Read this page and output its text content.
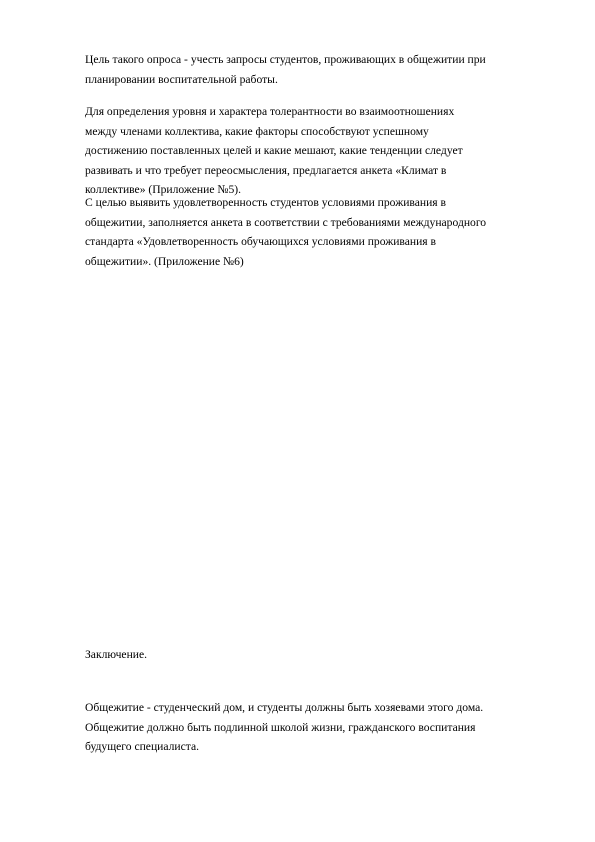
Цель такого опроса - учесть запросы студентов, проживающих в общежитии при
планировании воспитательной работы.

Для определения уровня и характера толерантности во взаимоотношениях
между членами коллектива, какие факторы способствуют успешному
достижению поставленных целей и какие мешают, какие тенденции следует
развивать и что требует переосмысления, предлагается анкета «Климат в
коллективе» (Приложение №5).

С целью выявить удовлетворенность студентов условиями проживания в
общежитии, заполняется анкета в соответствии с требованиями международного
стандарта «Удовлетворенность обучающихся условиями проживания в
общежитии». (Приложение №6)

Заключение.

Общежитие - студенческий дом, и студенты должны быть хозяевами этого дома.
Общежитие должно быть подлинной школой жизни, гражданского воспитания
будущего специалиста.
